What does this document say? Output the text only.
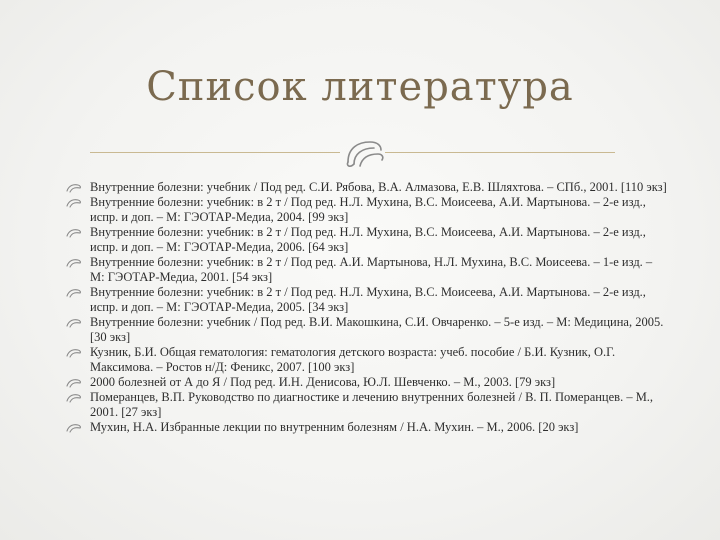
Список литература
Внутренние болезни: учебник / Под ред. С.И. Рябова, В.А. Алмазова, Е.В. Шляхтова. – СПб., 2001. [110 экз]
Внутренние болезни: учебник: в 2 т / Под ред. Н.Л. Мухина, В.С. Моисеева, А.И. Мартынова. – 2-е изд., испр. и доп. – М: ГЭОТАР-Медиа, 2004. [99 экз]
Внутренние болезни: учебник: в 2 т / Под ред. Н.Л. Мухина, В.С. Моисеева, А.И. Мартынова. – 2-е изд., испр. и доп. – М: ГЭОТАР-Медиа, 2006. [64 экз]
Внутренние болезни: учебник: в 2 т / Под ред. А.И. Мартынова, Н.Л. Мухина, В.С. Моисеева. – 1-е изд. – М: ГЭОТАР-Медиа, 2001. [54 экз]
Внутренние болезни: учебник: в 2 т / Под ред. Н.Л. Мухина, В.С. Моисеева, А.И. Мартынова. – 2-е изд., испр. и доп. – М: ГЭОТАР-Медиа, 2005. [34 экз]
Внутренние болезни: учебник / Под ред. В.И. Макошкина, С.И. Овчаренко. – 5-е изд. – М: Медицина, 2005. [30 экз]
Кузник, Б.И. Общая гематология: гематология детского возраста: учеб. пособие / Б.И. Кузник, О.Г. Максимова. – Ростов н/Д: Феникс, 2007. [100 экз]
2000 болезней от А до Я / Под ред. И.Н. Денисова, Ю.Л. Шевченко. – М., 2003. [79 экз]
Померанцев, В.П. Руководство по диагностике и лечению внутренних болезней / В. П. Померанцев. – М., 2001. [27 экз]
Мухин, Н.А. Избранные лекции по внутренним болезням / Н.А. Мухин. – М., 2006. [20 экз]
